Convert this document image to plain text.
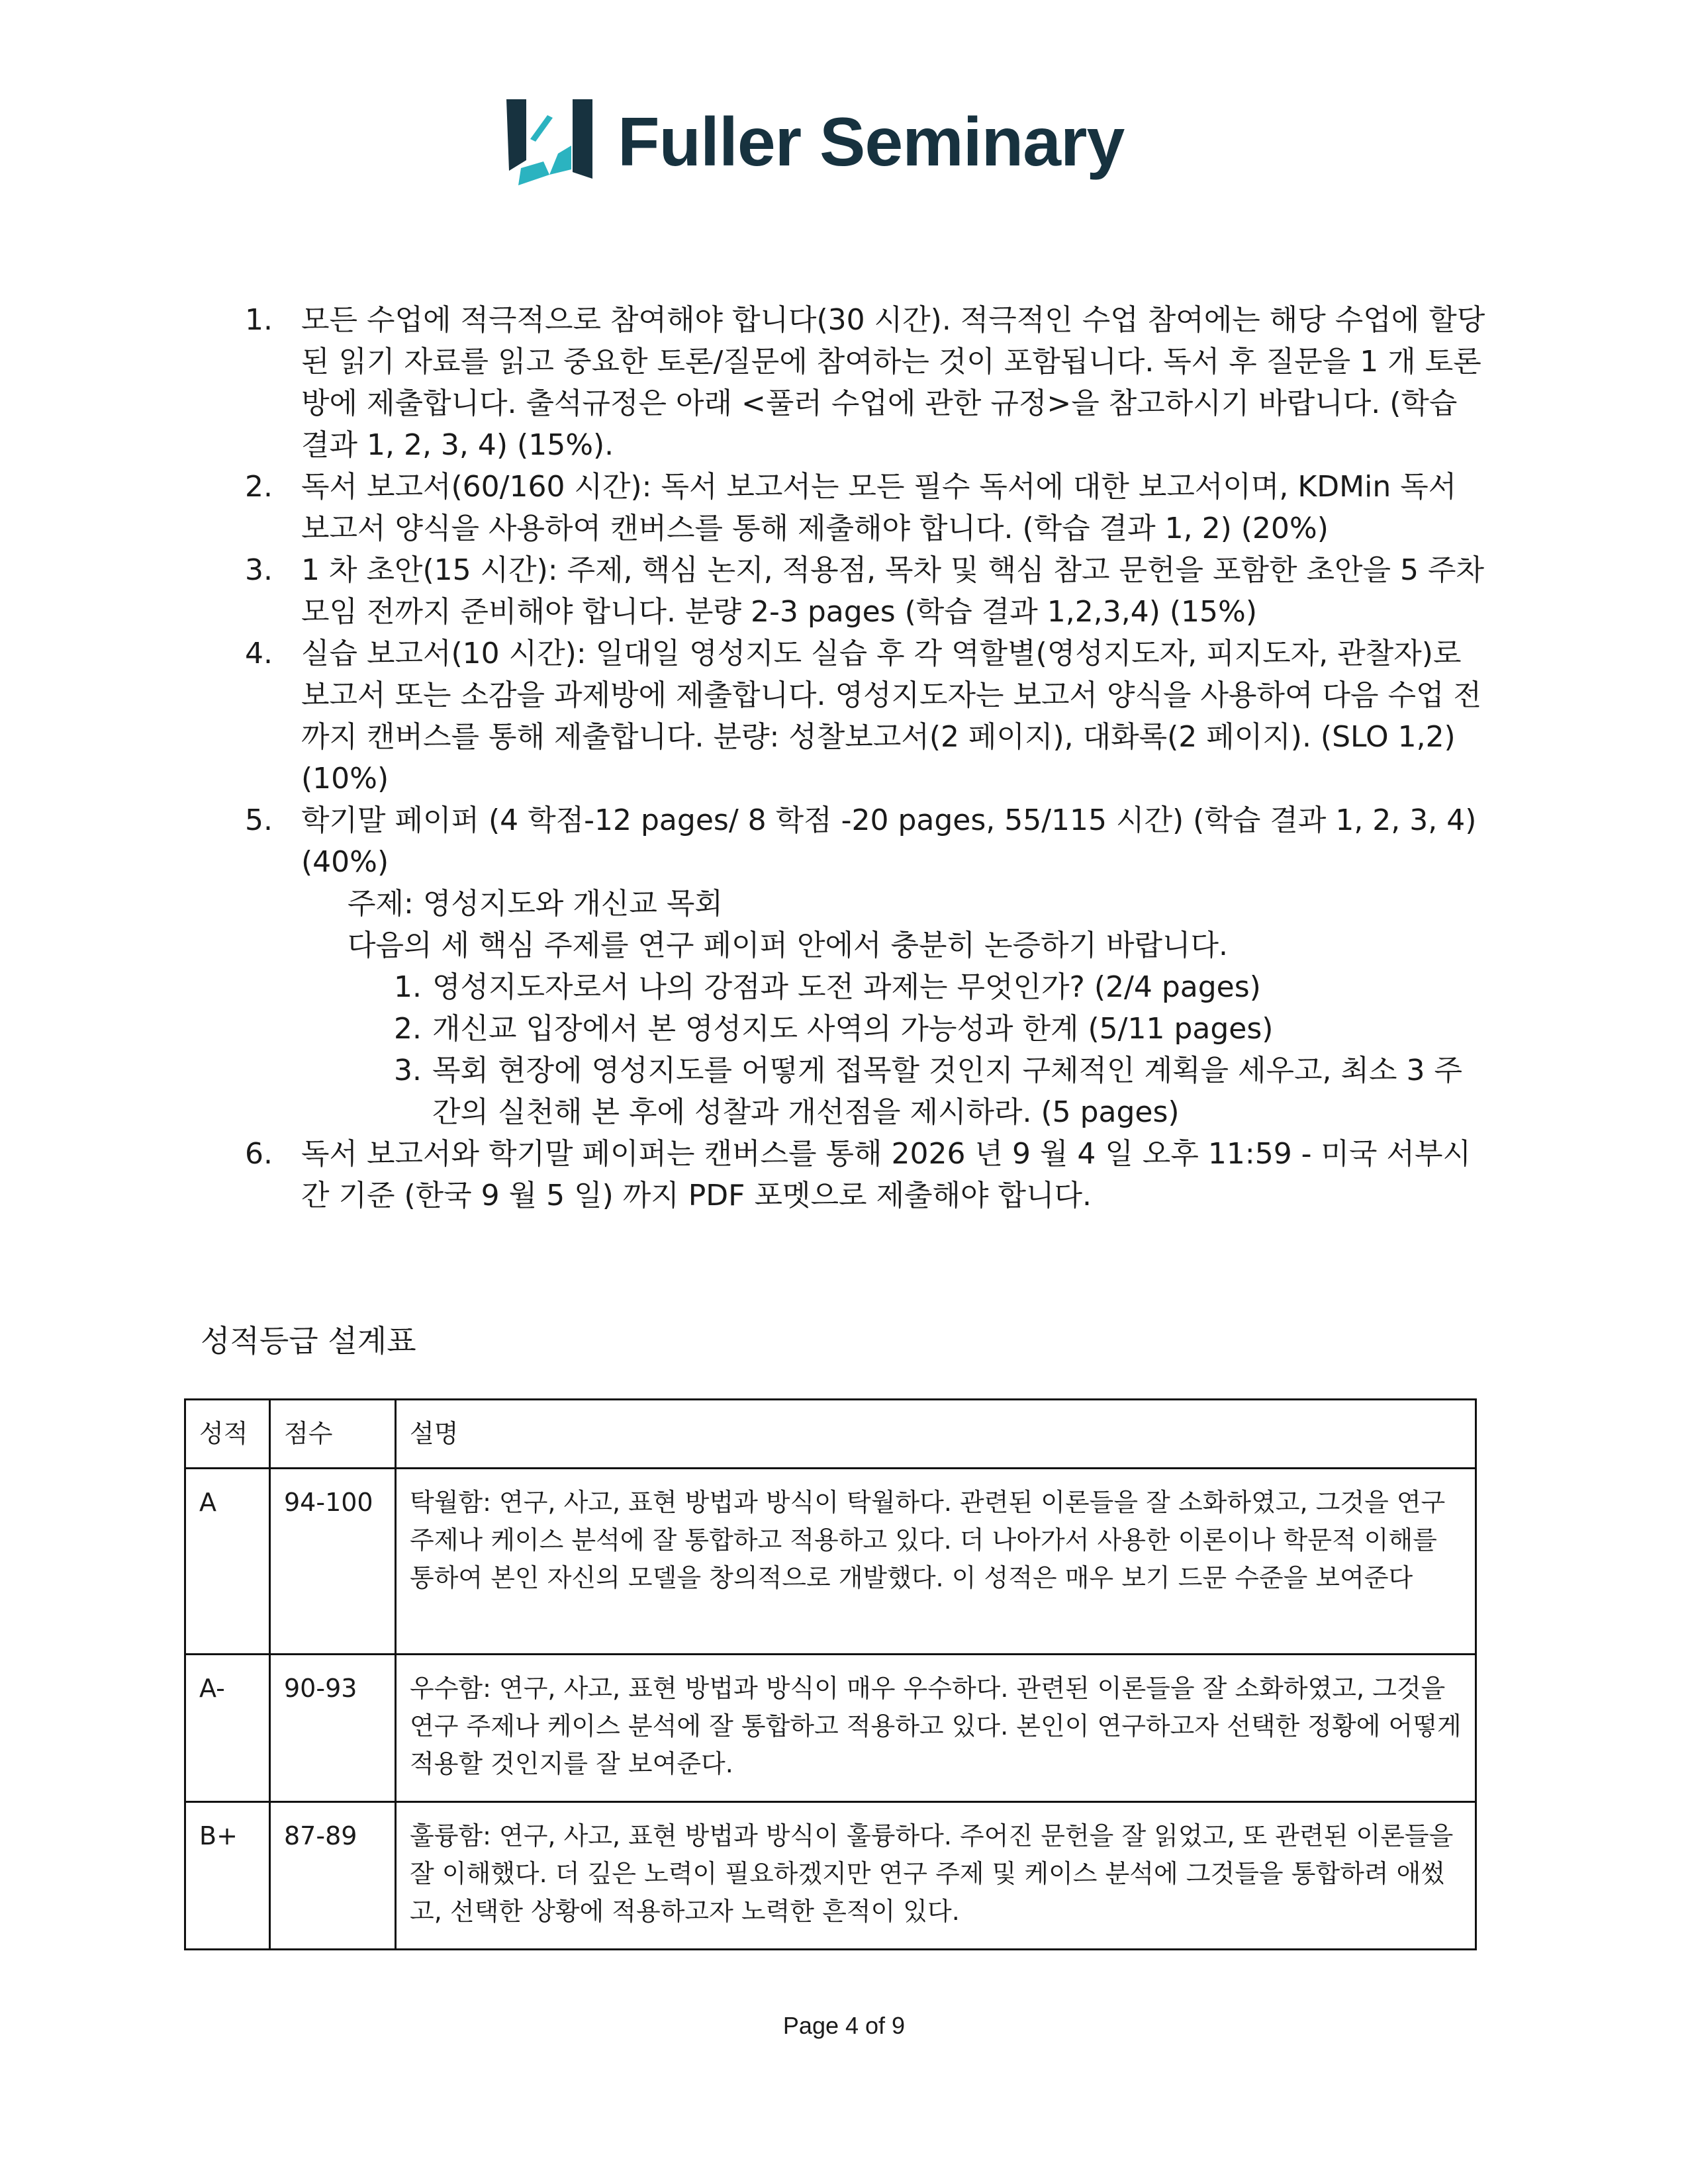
Fuller Seminary
1. 모든 수업에 적극적으로 참여해야 합니다(30 시간). 적극적인 수업 참여에는 해당 수업에 할당된 읽기 자료를 읽고 중요한 토론/질문에 참여하는 것이 포함됩니다. 독서 후 질문을 1 개 토론방에 제출합니다. 출석규정은 아래 <풀러 수업에 관한 규정>을 참고하시기 바랍니다. (학습 결과 1, 2, 3, 4) (15%).
2. 독서 보고서(60/160 시간): 독서 보고서는 모든 필수 독서에 대한 보고서이며, KDMin 독서 보고서 양식을 사용하여 캔버스를 통해 제출해야 합니다. (학습 결과 1, 2) (20%)
3. 1 차 초안(15 시간): 주제, 핵심 논지, 적용점, 목차 및 핵심 참고 문헌을 포함한 초안을 5 주차 모임 전까지 준비해야 합니다. 분량 2-3 pages (학습 결과 1,2,3,4) (15%)
4. 실습 보고서(10 시간): 일대일 영성지도 실습 후 각 역할별(영성지도자, 피지도자, 관찰자)로 보고서 또는 소감을 과제방에 제출합니다. 영성지도자는 보고서 양식을 사용하여 다음 수업 전까지 캔버스를 통해 제출합니다. 분량: 성찰보고서(2 페이지), 대화록(2 페이지). (SLO 1,2) (10%)
5. 학기말 페이퍼 (4 학점-12 pages/ 8 학점 -20 pages, 55/115 시간) (학습 결과 1, 2, 3, 4) (40%)
주제: 영성지도와 개신교 목회
다음의 세 핵심 주제를 연구 페이퍼 안에서 충분히 논증하기 바랍니다.
1. 영성지도자로서 나의 강점과 도전 과제는 무엇인가? (2/4 pages)
2. 개신교 입장에서 본 영성지도 사역의 가능성과 한계 (5/11 pages)
3. 목회 현장에 영성지도를 어떻게 접목할 것인지 구체적인 계획을 세우고, 최소 3 주간의 실천해 본 후에 성찰과 개선점을 제시하라. (5 pages)
6. 독서 보고서와 학기말 페이퍼는 캔버스를 통해 2026 년 9 월 4 일 오후 11:59 - 미국 서부시간 기준 (한국 9 월 5 일) 까지 PDF 포멧으로 제출해야 합니다.
성적등급 설계표
성적	점수	설명
A	94-100	탁월함: 연구, 사고, 표현 방법과 방식이 탁월하다. 관련된 이론들을 잘 소화하였고, 그것을 연구 주제나 케이스 분석에 잘 통합하고 적용하고 있다. 더 나아가서 사용한 이론이나 학문적 이해를 통하여 본인 자신의 모델을 창의적으로 개발했다. 이 성적은 매우 보기 드문 수준을 보여준다
A-	90-93	우수함: 연구, 사고, 표현 방법과 방식이 매우 우수하다. 관련된 이론들을 잘 소화하였고, 그것을 연구 주제나 케이스 분석에 잘 통합하고 적용하고 있다. 본인이 연구하고자 선택한 정황에 어떻게 적용할 것인지를 잘 보여준다.
B+	87-89	훌륭함: 연구, 사고, 표현 방법과 방식이 훌륭하다. 주어진 문헌을 잘 읽었고, 또 관련된 이론들을 잘 이해했다. 더 깊은 노력이 필요하겠지만 연구 주제 및 케이스 분석에 그것들을 통합하려 애썼고, 선택한 상황에 적용하고자 노력한 흔적이 있다.
Page 4 of 9
